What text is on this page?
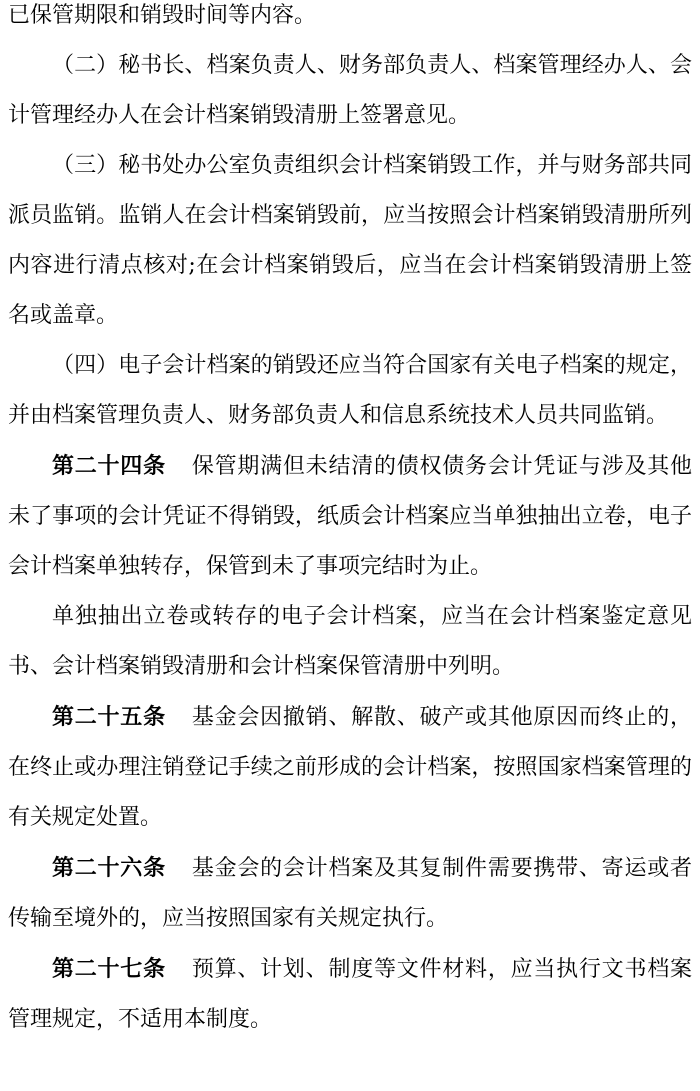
已保管期限和销毁时间等内容。

（二）秘书长、档案负责人、财务部负责人、档案管理经办人、会计管理经办人在会计档案销毁清册上签署意见。

（三）秘书处办公室负责组织会计档案销毁工作，并与财务部共同派员监销。监销人在会计档案销毁前，应当按照会计档案销毁清册所列内容进行清点核对;在会计档案销毁后，应当在会计档案销毁清册上签名或盖章。

（四）电子会计档案的销毁还应当符合国家有关电子档案的规定，并由档案管理负责人、财务部负责人和信息系统技术人员共同监销。

第二十四条 保管期满但未结清的债权债务会计凭证与涉及其他未了事项的会计凭证不得销毁，纸质会计档案应当单独抽出立卷，电子会计档案单独转存，保管到未了事项完结时为止。

单独抽出立卷或转存的电子会计档案，应当在会计档案鉴定意见书、会计档案销毁清册和会计档案保管清册中列明。

第二十五条 基金会因撤销、解散、破产或其他原因而终止的，在终止或办理注销登记手续之前形成的会计档案，按照国家档案管理的有关规定处置。

第二十六条 基金会的会计档案及其复制件需要携带、寄运或者传输至境外的，应当按照国家有关规定执行。

第二十七条 预算、计划、制度等文件材料，应当执行文书档案管理规定，不适用本制度。
